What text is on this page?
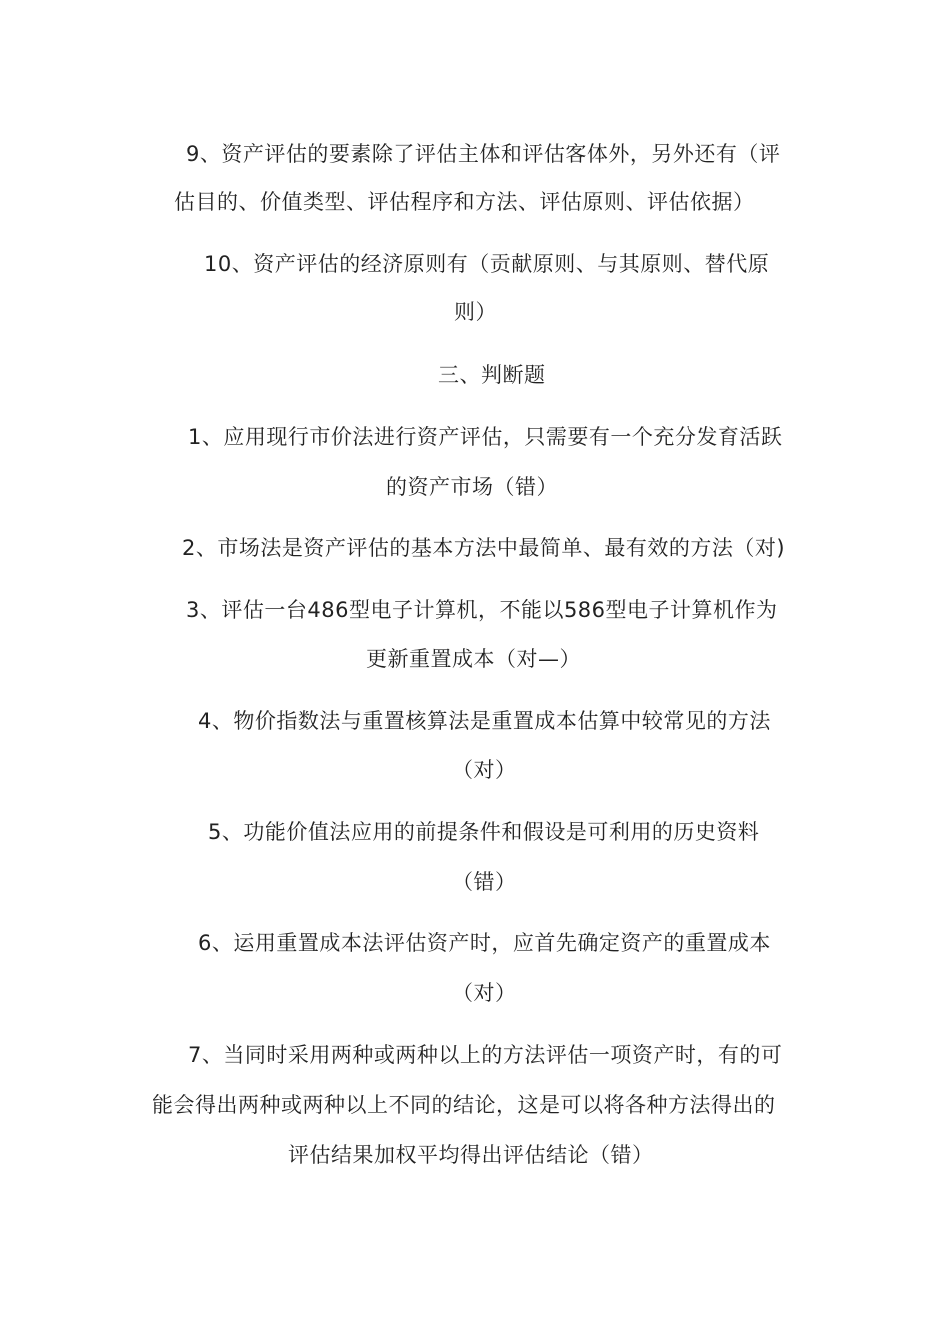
9、资产评估的要素除了评估主体和评估客体外，另外还有（评
估目的、价值类型、评估程序和方法、评估原则、评估依据）
10、资产评估的经济原则有（贡献原则、与其原则、替代原
则）
三、判断题
1、应用现行市价法进行资产评估，只需要有一个充分发育活跃
的资产市场（错）
2、市场法是资产评估的基本方法中最简单、最有效的方法（对)
3、评估一台486型电子计算机，不能以586型电子计算机作为
更新重置成本（对—）
4、物价指数法与重置核算法是重置成本估算中较常见的方法
（对）
5、功能价值法应用的前提条件和假设是可利用的历史资料
（错）
6、运用重置成本法评估资产时，应首先确定资产的重置成本
（对）
7、当同时采用两种或两种以上的方法评估一项资产时，有的可
能会得出两种或两种以上不同的结论，这是可以将各种方法得出的
评估结果加权平均得出评估结论（错）
